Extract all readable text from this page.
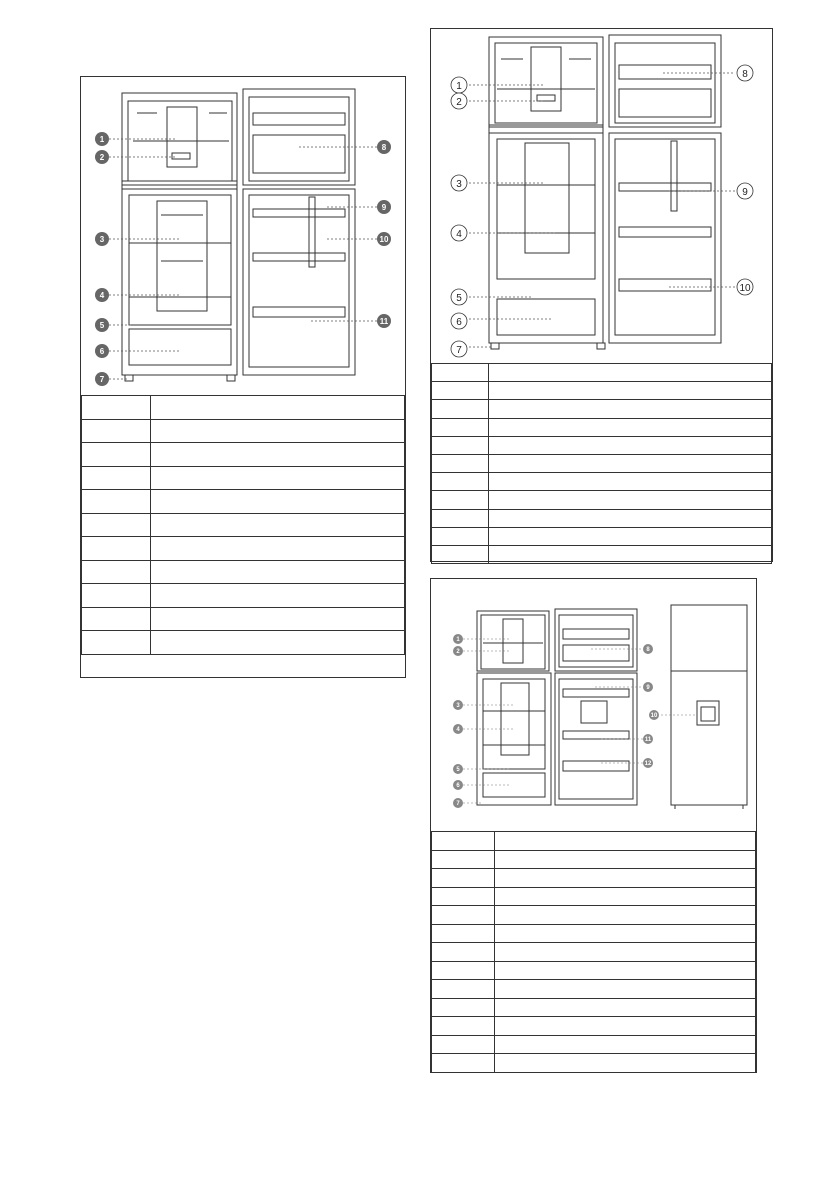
1
2
3
4
5
6
7
8
9
10
11

1
2
3
4
5
6
7
8
9
10

1
2
3
4
5
6
7
8
9
10
11
12
